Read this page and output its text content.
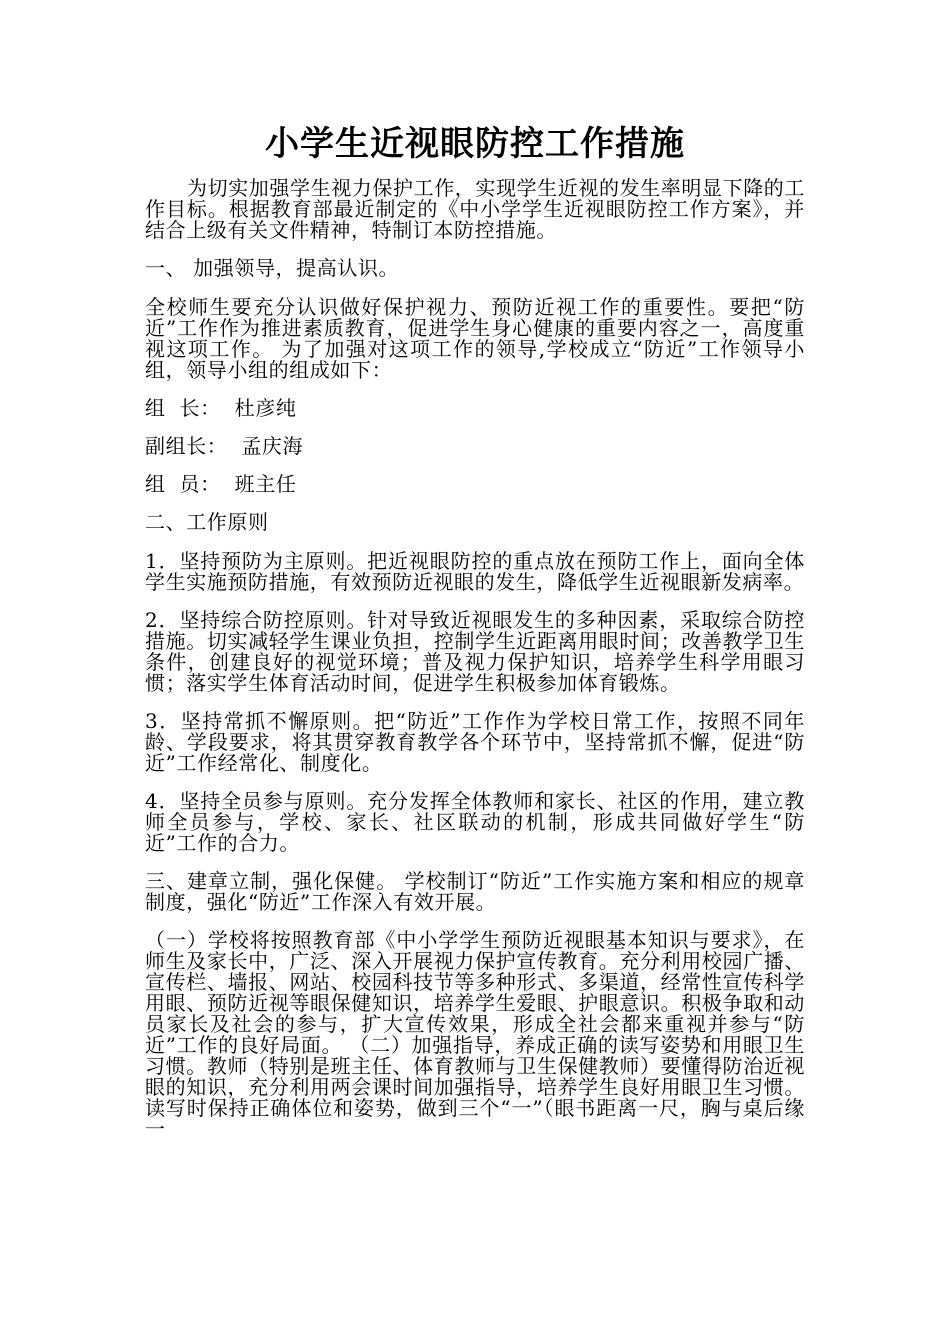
小学生近视眼防控工作措施

为切实加强学生视力保护工作，实现学生近视的发生率明显下降的工作目标。根据教育部最近制定的《中小学学生近视眼防控工作方案》，并结合上级有关文件精神，特制订本防控措施。

一、 加强领导，提高认识。

全校师生要充分认识做好保护视力、预防近视工作的重要性。要把“防近”工作作为推进素质教育，促进学生身心健康的重要内容之一，高度重视这项工作。 为了加强对这项工作的领导,学校成立“防近”工作领导小组，领导小组的组成如下：

组  长：  杜彦纯

副组长：  孟庆海

组  员：  班主任

二、工作原则

1．坚持预防为主原则。把近视眼防控的重点放在预防工作上，面向全体学生实施预防措施，有效预防近视眼的发生，降低学生近视眼新发病率。

2．坚持综合防控原则。针对导致近视眼发生的多种因素，采取综合防控措施。切实减轻学生课业负担，控制学生近距离用眼时间；改善教学卫生条件，创建良好的视觉环境；普及视力保护知识，培养学生科学用眼习惯；落实学生体育活动时间，促进学生积极参加体育锻炼。

3．坚持常抓不懈原则。把“防近”工作作为学校日常工作，按照不同年龄、学段要求，将其贯穿教育教学各个环节中，坚持常抓不懈，促进“防近”工作经常化、制度化。

4．坚持全员参与原则。充分发挥全体教师和家长、社区的作用，建立教师全员参与，学校、家长、社区联动的机制，形成共同做好学生“防近”工作的合力。

三、建章立制，强化保健。 学校制订“防近”工作实施方案和相应的规章制度，强化“防近”工作深入有效开展。

（一）学校将按照教育部《中小学学生预防近视眼基本知识与要求》，在师生及家长中，广泛、深入开展视力保护宣传教育。充分利用校园广播、宣传栏、墙报、网站、校园科技节等多种形式、多渠道，经常性宣传科学用眼、预防近视等眼保健知识，培养学生爱眼、护眼意识。积极争取和动员家长及社会的参与，扩大宣传效果，形成全社会都来重视并参与“防近”工作的良好局面。 （二）加强指导，养成正确的读写姿势和用眼卫生习惯。教师（特别是班主任、体育教师与卫生保健教师）要懂得防治近视眼的知识，充分利用两会课时间加强指导，培养学生良好用眼卫生习惯。读写时保持正确体位和姿势，做到三个“一”（眼书距离一尺，胸与桌后缘一
